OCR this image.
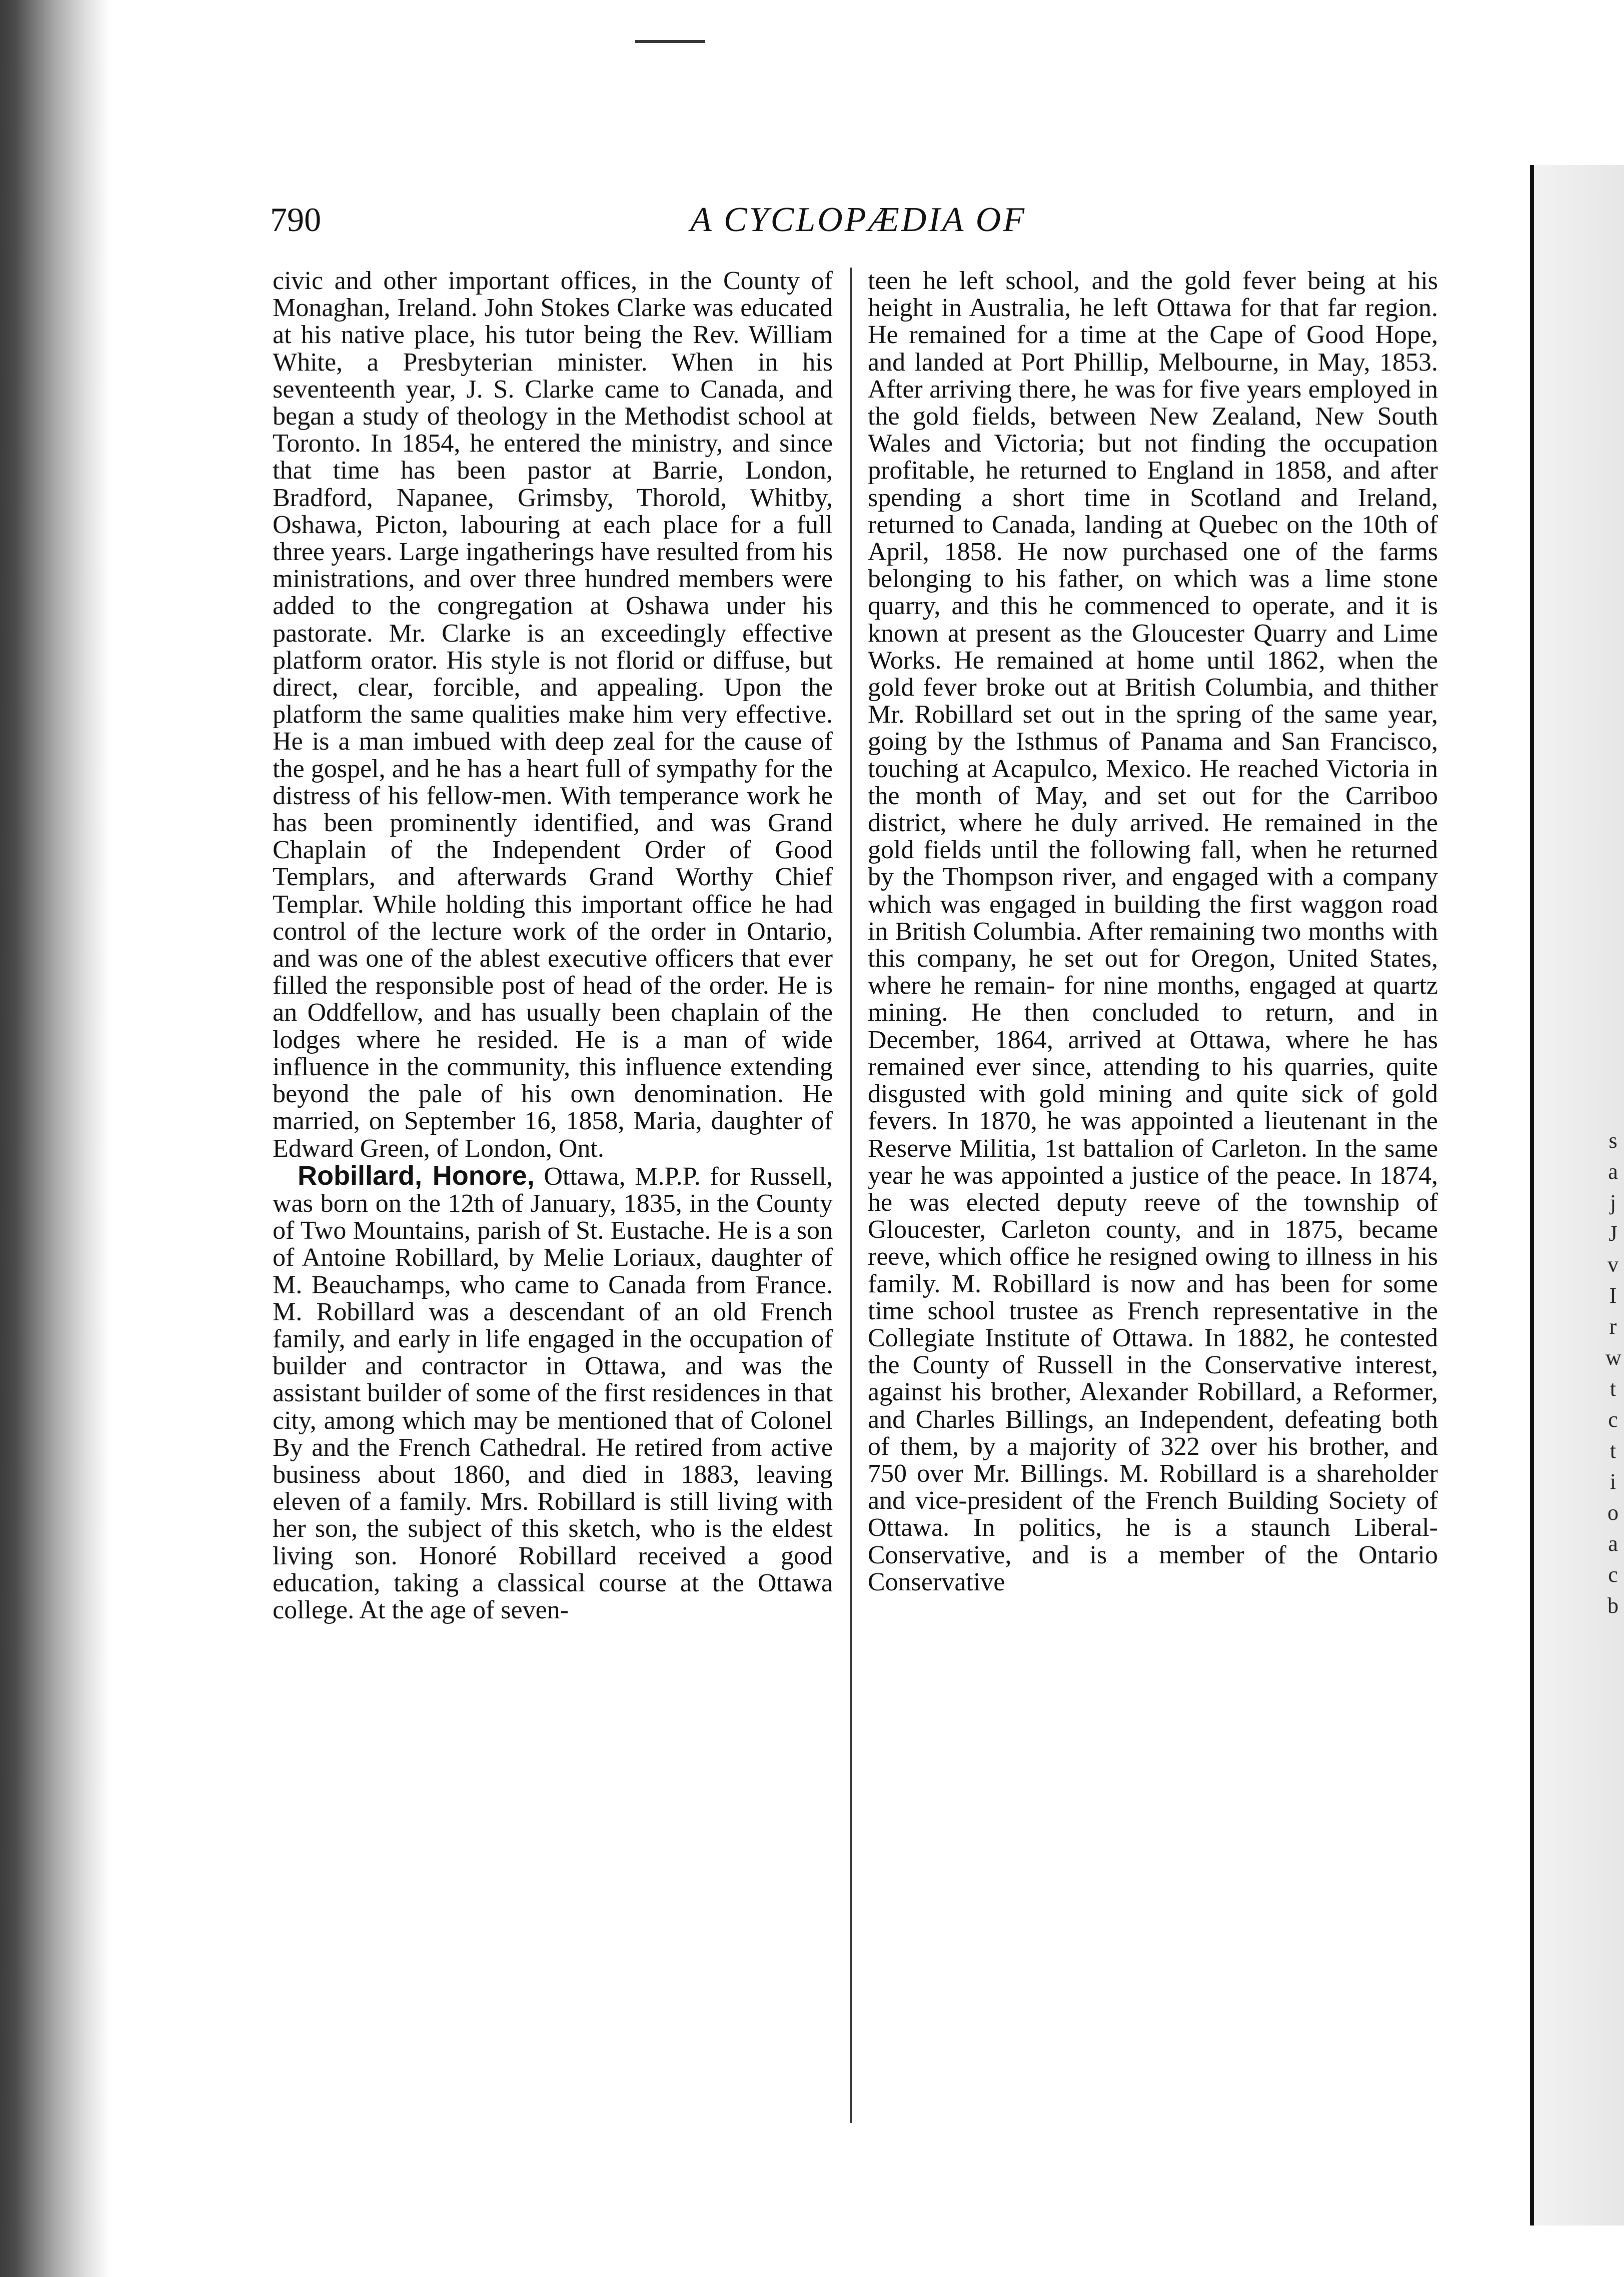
s a j J v I r w t c t i o a c b
790	A CYCLOPÆDIA OF

civic and other important offices, in the County of Monaghan, Ireland. John Stokes Clarke was educated at his native place, his tutor being the Rev. William White, a Presbyterian minister. When in his seventeenth year, J. S. Clarke came to Canada, and began a study of theology in the Methodist school at Toronto. In 1854, he entered the ministry, and since that time has been pastor at Barrie, London, Bradford, Napanee, Grimsby, Thorold, Whitby, Oshawa, Picton, labouring at each place for a full three years. Large ingatherings have resulted from his ministrations, and over three hundred members were added to the congregation at Oshawa under his pastorate. Mr. Clarke is an exceedingly effective platform orator. His style is not florid or diffuse, but direct, clear, forcible, and appealing. Upon the platform the same qualities make him very effective. He is a man imbued with deep zeal for the cause of the gospel, and he has a heart full of sympathy for the distress of his fellow-men. With temperance work he has been prominently identified, and was Grand Chaplain of the Independent Order of Good Templars, and afterwards Grand Worthy Chief Templar. While holding this important office he had control of the lecture work of the order in Ontario, and was one of the ablest executive officers that ever filled the responsible post of head of the order. He is an Oddfellow, and has usually been chaplain of the lodges where he resided. He is a man of wide influence in the community, this influence extending beyond the pale of his own denomination. He married, on September 16, 1858, Maria, daughter of Edward Green, of London, Ont.

Robillard, Honore, Ottawa, M.P.P. for Russell, was born on the 12th of January, 1835, in the County of Two Mountains, parish of St. Eustache. He is a son of Antoine Robillard, by Melie Loriaux, daughter of M. Beauchamps, who came to Canada from France. M. Robillard was a descendant of an old French family, and early in life engaged in the occupation of builder and contractor in Ottawa, and was the assistant builder of some of the first residences in that city, among which may be mentioned that of Colonel By and the French Cathedral. He retired from active business about 1860, and died in 1883, leaving eleven of a family. Mrs. Robillard is still living with her son, the subject of this sketch, who is the eldest living son. Honoré Robillard received a good education, taking a classical course at the Ottawa college. At the age of seven-

teen he left school, and the gold fever being at his height in Australia, he left Ottawa for that far region. He remained for a time at the Cape of Good Hope, and landed at Port Phillip, Melbourne, in May, 1853. After arriving there, he was for five years employed in the gold fields, between New Zealand, New South Wales and Victoria; but not finding the occupation profitable, he returned to England in 1858, and after spending a short time in Scotland and Ireland, returned to Canada, landing at Quebec on the 10th of April, 1858. He now purchased one of the farms belonging to his father, on which was a lime stone quarry, and this he commenced to operate, and it is known at present as the Gloucester Quarry and Lime Works. He remained at home until 1862, when the gold fever broke out at British Columbia, and thither Mr. Robillard set out in the spring of the same year, going by the Isthmus of Panama and San Francisco, touching at Acapulco, Mexico. He reached Victoria in the month of May, and set out for the Carriboo district, where he duly arrived. He remained in the gold fields until the following fall, when he returned by the Thompson river, and engaged with a company which was engaged in building the first waggon road in British Columbia. After remaining two months with this company, he set out for Oregon, United States, where he remain- for nine months, engaged at quartz mining. He then concluded to return, and in December, 1864, arrived at Ottawa, where he has remained ever since, attending to his quarries, quite disgusted with gold mining and quite sick of gold fevers. In 1870, he was appointed a lieutenant in the Reserve Militia, 1st battalion of Carleton. In the same year he was appointed a justice of the peace. In 1874, he was elected deputy reeve of the township of Gloucester, Carleton county, and in 1875, became reeve, which office he resigned owing to illness in his family. M. Robillard is now and has been for some time school trustee as French representative in the Collegiate Institute of Ottawa. In 1882, he contested the County of Russell in the Conservative interest, against his brother, Alexander Robillard, a Reformer, and Charles Billings, an Independent, defeating both of them, by a majority of 322 over his brother, and 750 over Mr. Billings. M. Robillard is a shareholder and vice-president of the French Building Society of Ottawa. In politics, he is a staunch Liberal-Conservative, and is a member of the Ontario Conservative
